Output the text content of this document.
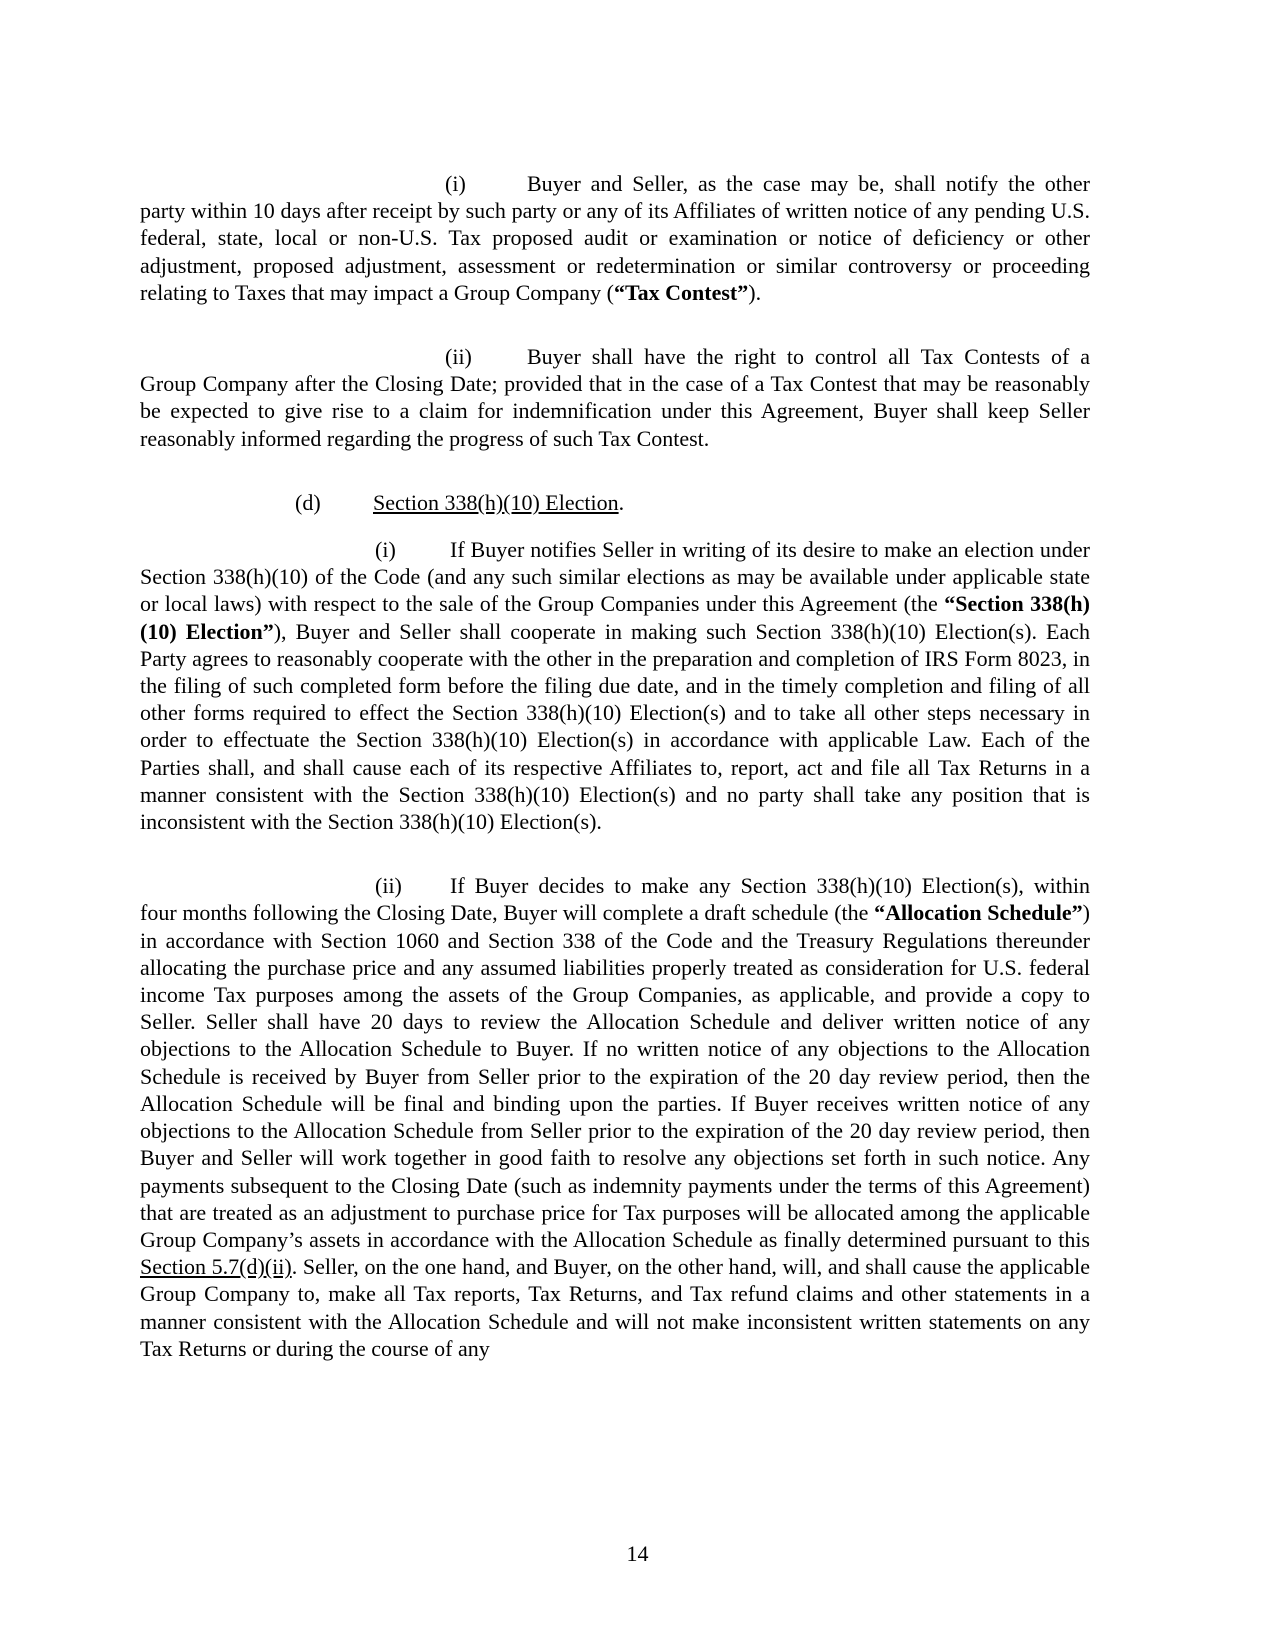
(i)	Buyer and Seller, as the case may be, shall notify the other party within 10 days after receipt by such party or any of its Affiliates of written notice of any pending U.S. federal, state, local or non-U.S. Tax proposed audit or examination or notice of deficiency or other adjustment, proposed adjustment, assessment or redetermination or similar controversy or proceeding relating to Taxes that may impact a Group Company (“Tax Contest”).

(ii)	Buyer shall have the right to control all Tax Contests of a Group Company after the Closing Date; provided that in the case of a Tax Contest that may be reasonably be expected to give rise to a claim for indemnification under this Agreement, Buyer shall keep Seller reasonably informed regarding the progress of such Tax Contest.

(d) Section 338(h)(10) Election.

(i) If Buyer notifies Seller in writing of its desire to make an election under Section 338(h)(10) of the Code (and any such similar elections as may be available under applicable state or local laws) with respect to the sale of the Group Companies under this Agreement (the “Section 338(h)(10) Election”), Buyer and Seller shall cooperate in making such Section 338(h)(10) Election(s). Each Party agrees to reasonably cooperate with the other in the preparation and completion of IRS Form 8023, in the filing of such completed form before the filing due date, and in the timely completion and filing of all other forms required to effect the Section 338(h)(10) Election(s) and to take all other steps necessary in order to effectuate the Section 338(h)(10) Election(s) in accordance with applicable Law. Each of the Parties shall, and shall cause each of its respective Affiliates to, report, act and file all Tax Returns in a manner consistent with the Section 338(h)(10) Election(s) and no party shall take any position that is inconsistent with the Section 338(h)(10) Election(s).

(ii) If Buyer decides to make any Section 338(h)(10) Election(s), within four months following the Closing Date, Buyer will complete a draft schedule (the “Allocation Schedule”) in accordance with Section 1060 and Section 338 of the Code and the Treasury Regulations thereunder allocating the purchase price and any assumed liabilities properly treated as consideration for U.S. federal income Tax purposes among the assets of the Group Companies, as applicable, and provide a copy to Seller. Seller shall have 20 days to review the Allocation Schedule and deliver written notice of any objections to the Allocation Schedule to Buyer. If no written notice of any objections to the Allocation Schedule is received by Buyer from Seller prior to the expiration of the 20 day review period, then the Allocation Schedule will be final and binding upon the parties. If Buyer receives written notice of any objections to the Allocation Schedule from Seller prior to the expiration of the 20 day review period, then Buyer and Seller will work together in good faith to resolve any objections set forth in such notice. Any payments subsequent to the Closing Date (such as indemnity payments under the terms of this Agreement) that are treated as an adjustment to purchase price for Tax purposes will be allocated among the applicable Group Company’s assets in accordance with the Allocation Schedule as finally determined pursuant to this Section 5.7(d)(ii). Seller, on the one hand, and Buyer, on the other hand, will, and shall cause the applicable Group Company to, make all Tax reports, Tax Returns, and Tax refund claims and other statements in a manner consistent with the Allocation Schedule and will not make inconsistent written statements on any Tax Returns or during the course of any

14
